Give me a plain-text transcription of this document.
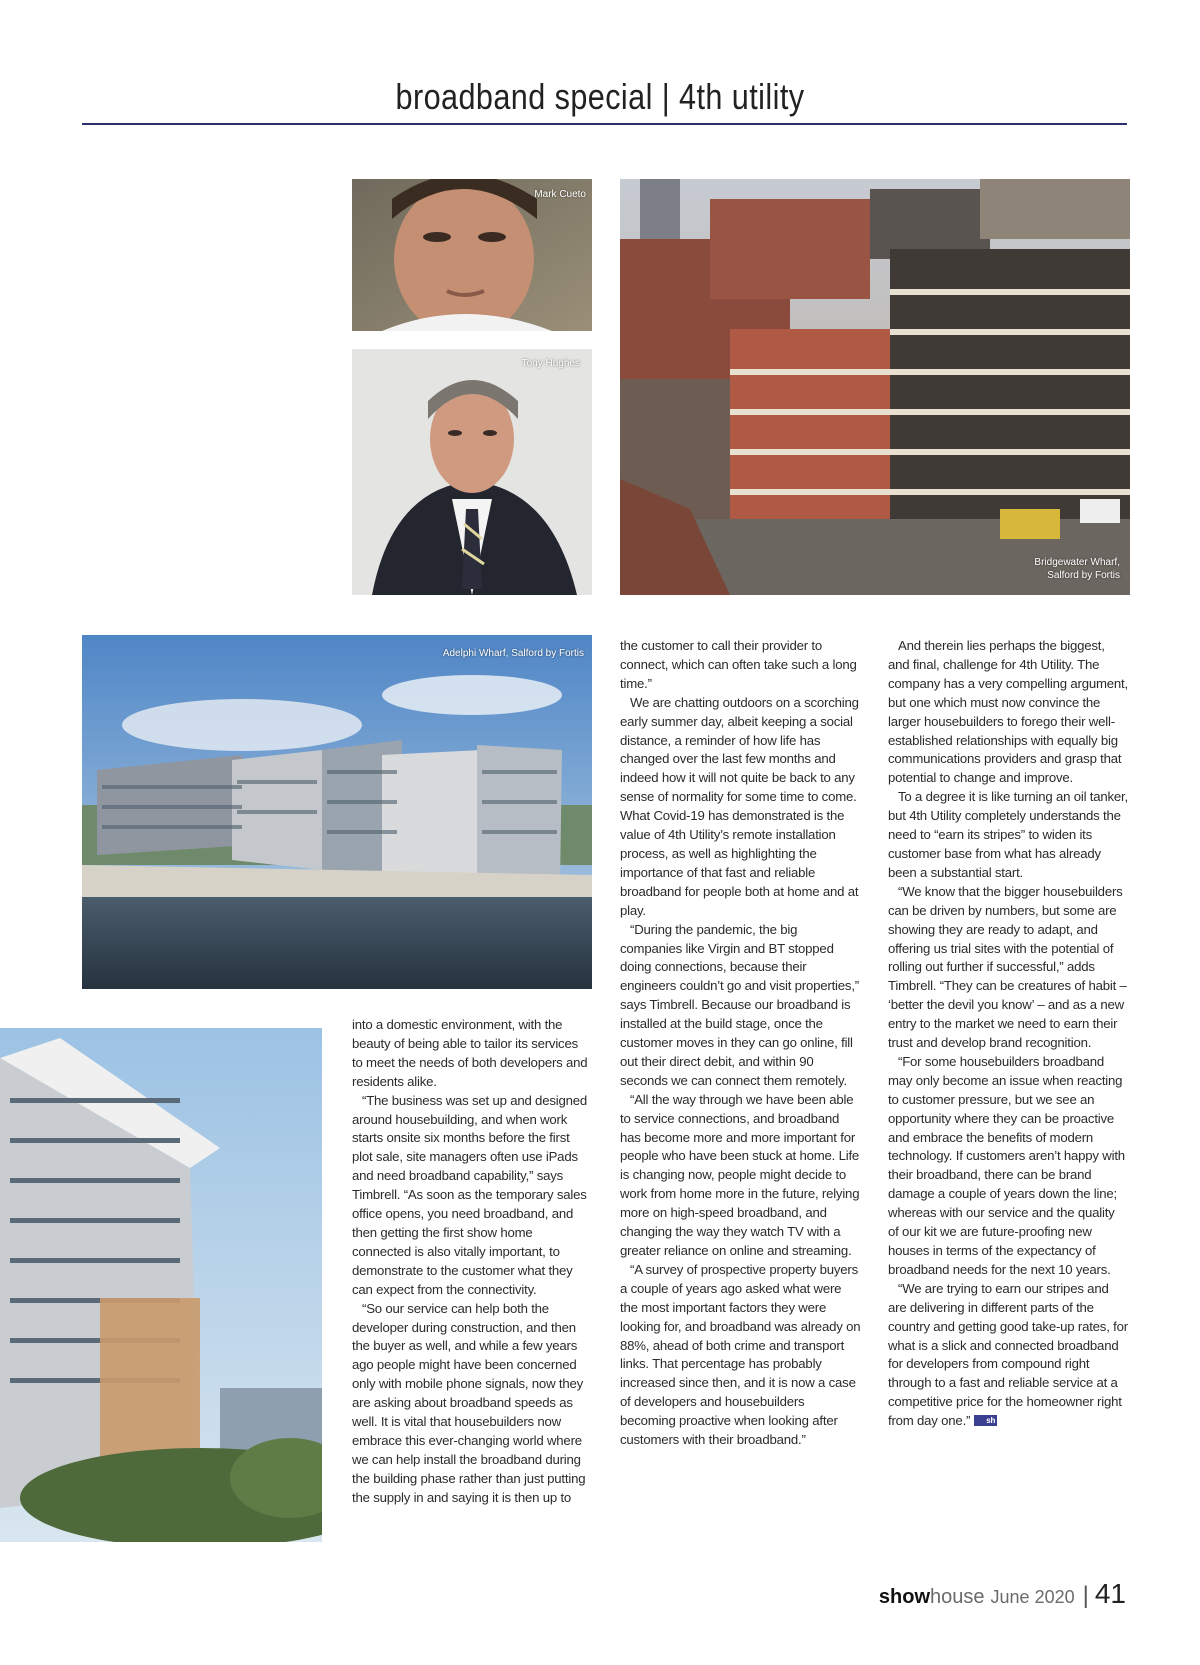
broadband special | 4th utility
Mark Cueto
Tony Hughes
Bridgewater Wharf,
Salford by Fortis
Adelphi Wharf, Salford by Fortis

into a domestic environment, with the beauty of being able to tailor its services to meet the needs of both developers and residents alike.

“The business was set up and designed around housebuilding, and when work starts onsite six months before the first plot sale, site managers often use iPads and need broadband capability,” says Timbrell. “As soon as the temporary sales office opens, you need broadband, and then getting the first show home connected is also vitally important, to demonstrate to the customer what they can expect from the connectivity.

“So our service can help both the developer during construction, and then the buyer as well, and while a few years ago people might have been concerned only with mobile phone signals, now they are asking about broadband speeds as well. It is vital that housebuilders now embrace this ever-changing world where we can help install the broadband during the building phase rather than just putting the supply in and saying it is then up to

the customer to call their provider to connect, which can often take such a long time.”

We are chatting outdoors on a scorching early summer day, albeit keeping a social distance, a reminder of how life has changed over the last few months and indeed how it will not quite be back to any sense of normality for some time to come. What Covid-19 has demonstrated is the value of 4th Utility’s remote installation process, as well as highlighting the importance of that fast and reliable broadband for people both at home and at play.

“During the pandemic, the big companies like Virgin and BT stopped doing connections, because their engineers couldn’t go and visit properties,” says Timbrell. Because our broadband is installed at the build stage, once the customer moves in they can go online, fill out their direct debit, and within 90 seconds we can connect them remotely.

“All the way through we have been able to service connections, and broadband has become more and more important for people who have been stuck at home. Life is changing now, people might decide to work from home more in the future, relying more on high-speed broadband, and changing the way they watch TV with a greater reliance on online and streaming.

“A survey of prospective property buyers a couple of years ago asked what were the most important factors they were looking for, and broadband was already on 88%, ahead of both crime and transport links. That percentage has probably increased since then, and it is now a case of developers and housebuilders becoming proactive when looking after customers with their broadband.”

And therein lies perhaps the biggest, and final, challenge for 4th Utility. The company has a very compelling argument, but one which must now convince the larger housebuilders to forego their well-established relationships with equally big communications providers and grasp that potential to change and improve.

To a degree it is like turning an oil tanker, but 4th Utility completely understands the need to “earn its stripes” to widen its customer base from what has already been a substantial start.

“We know that the bigger housebuilders can be driven by numbers, but some are showing they are ready to adapt, and offering us trial sites with the potential of rolling out further if successful,” adds Timbrell. “They can be creatures of habit – ‘better the devil you know’ – and as a new entry to the market we need to earn their trust and develop brand recognition.

“For some housebuilders broadband may only become an issue when reacting to customer pressure, but we see an opportunity where they can be proactive and embrace the benefits of modern technology. If customers aren’t happy with their broadband, there can be brand damage a couple of years down the line; whereas with our service and the quality of our kit we are future-proofing new houses in terms of the expectancy of broadband needs for the next 10 years.

“We are trying to earn our stripes and are delivering in different parts of the country and getting good take-up rates, for what is a slick and connected broadband for developers from compound right through to a fast and reliable service at a competitive price for the homeowner right from day one.” sh

show house June 2020 | 41
